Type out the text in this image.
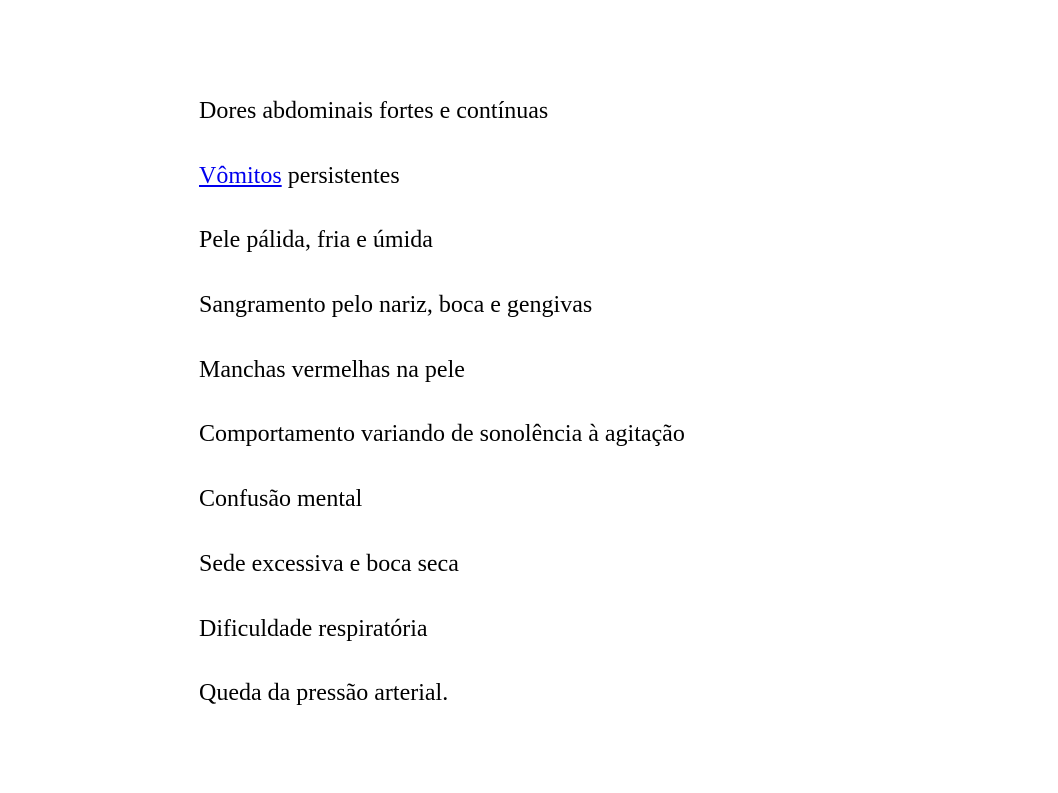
Dores abdominais fortes e contínuas
Vômitos persistentes
Pele pálida, fria e úmida
Sangramento pelo nariz, boca e gengivas
Manchas vermelhas na pele
Comportamento variando de sonolência à agitação
Confusão mental
Sede excessiva e boca seca
Dificuldade respiratória
Queda da pressão arterial.
